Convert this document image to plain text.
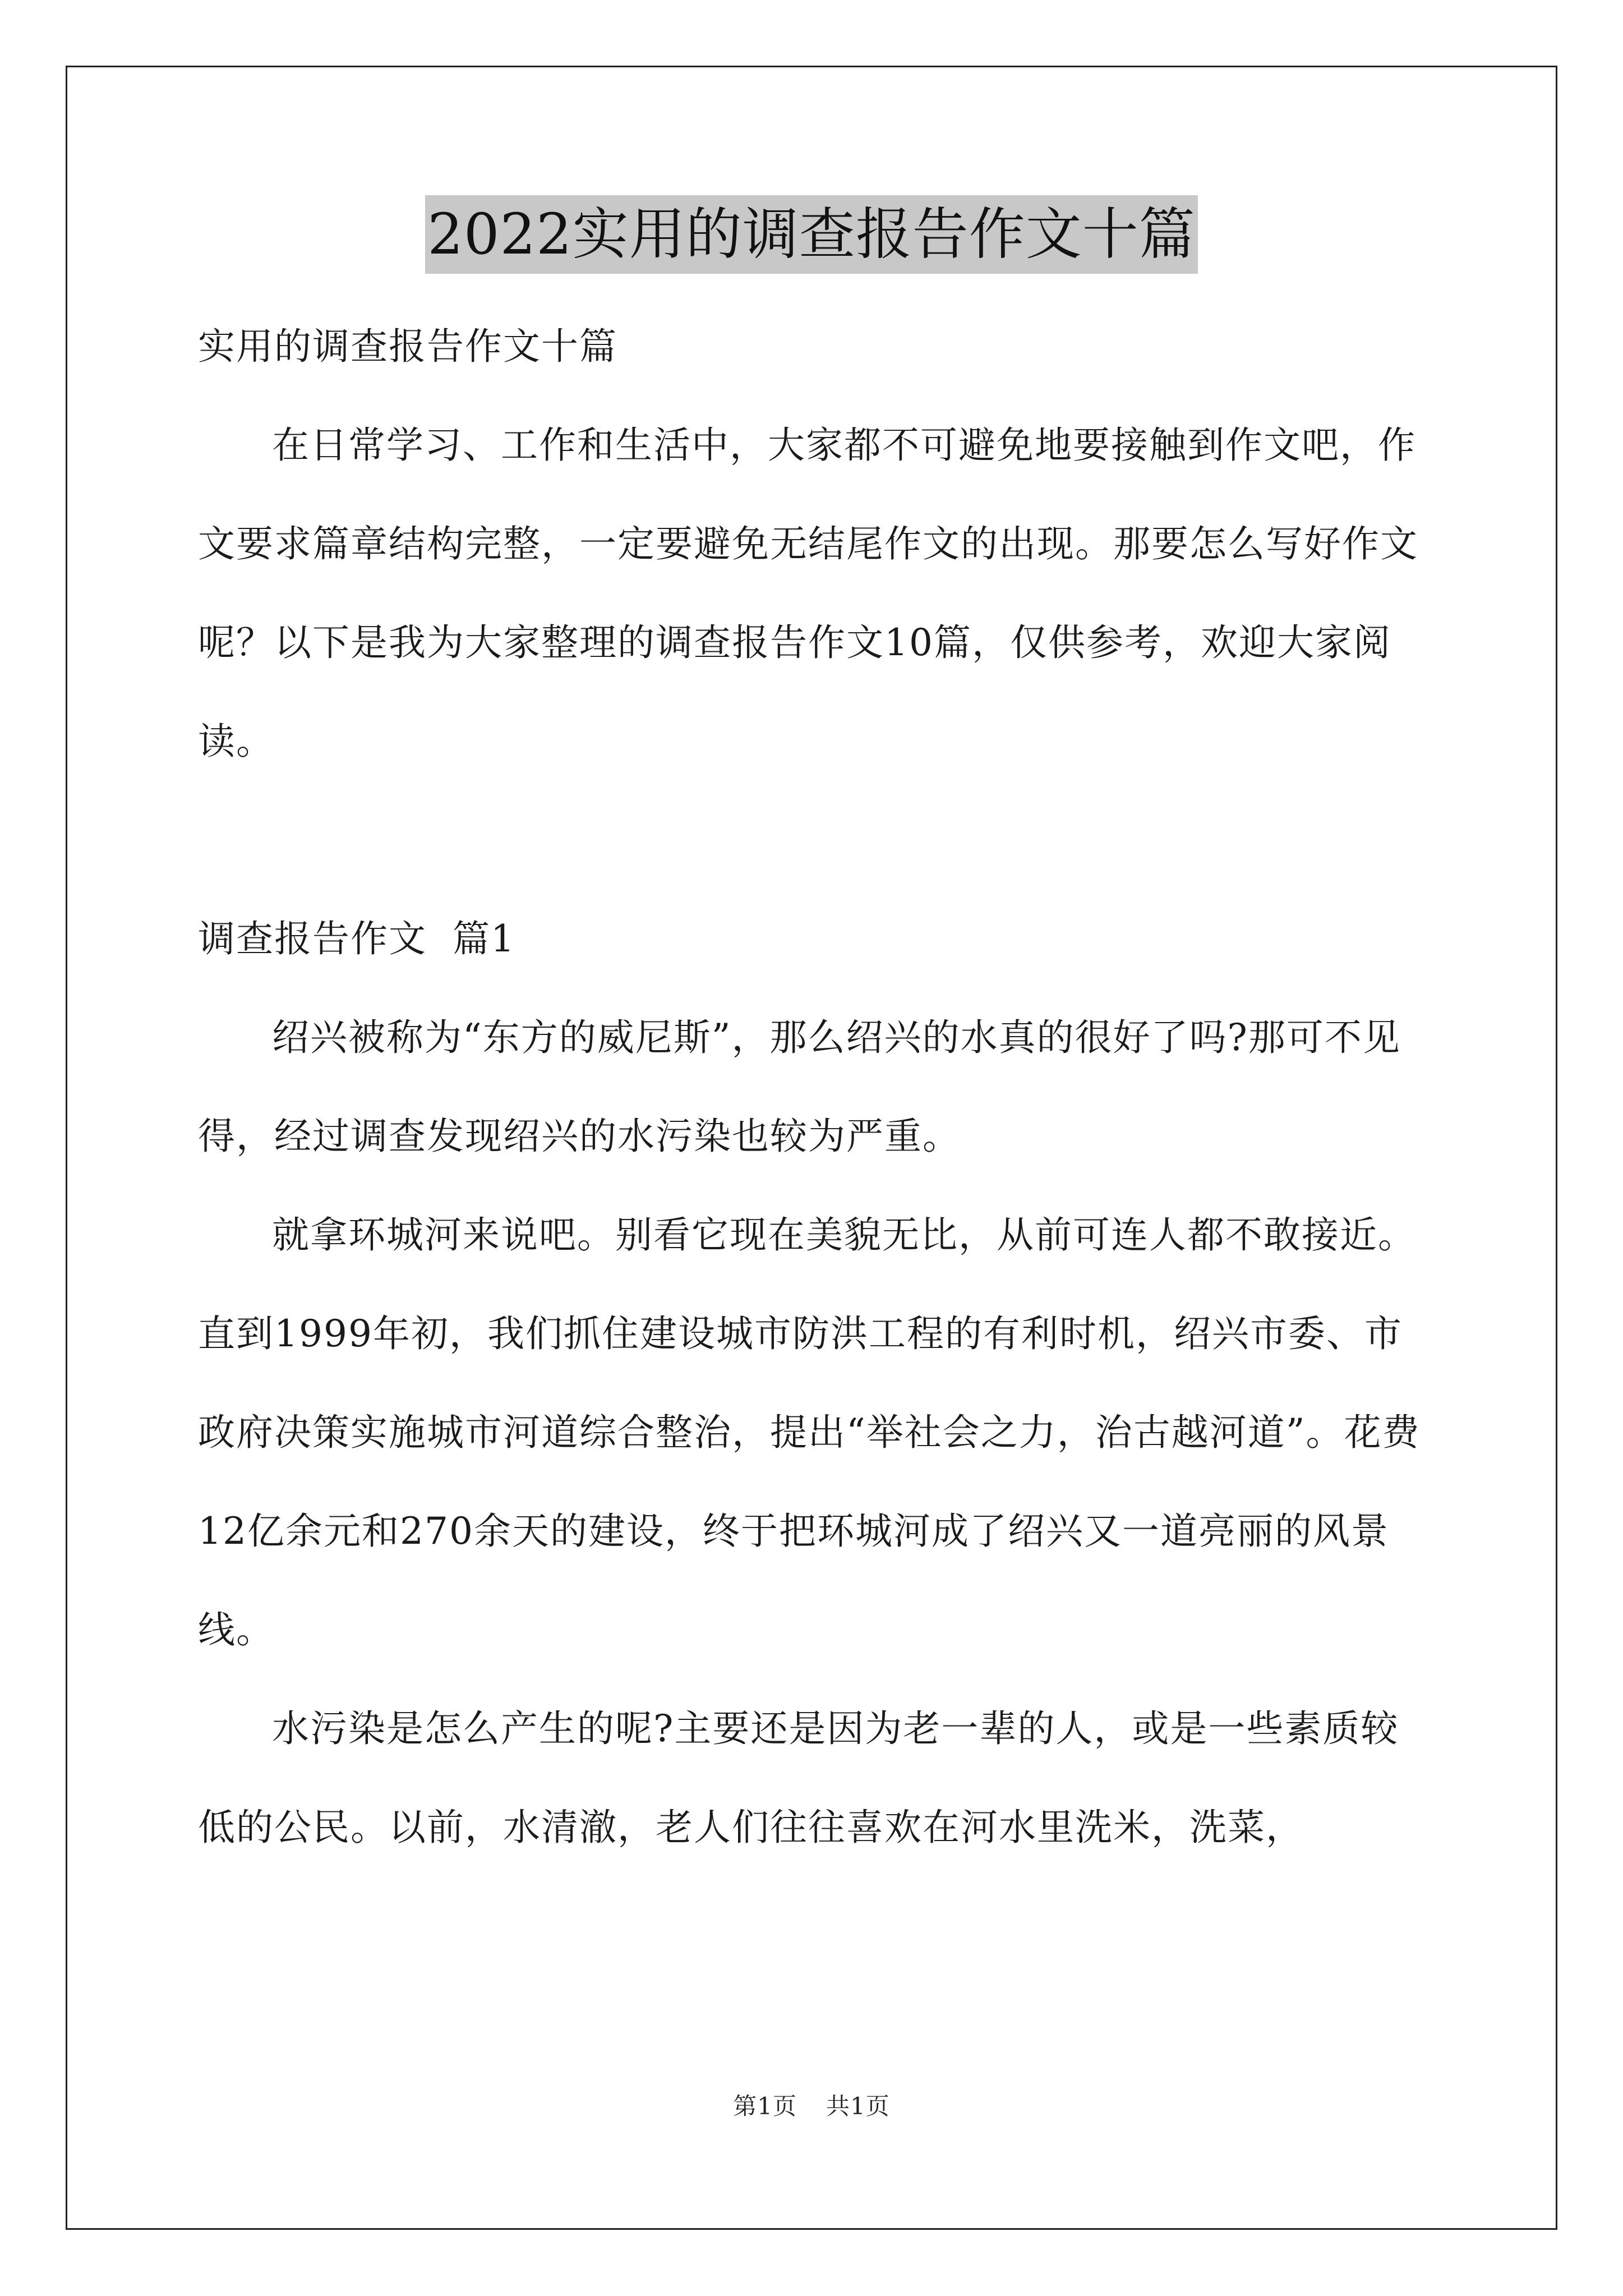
2022实用的调查报告作文十篇

实用的调查报告作文十篇

在日常学习、工作和生活中，大家都不可避免地要接触到作文吧，作文要求篇章结构完整，一定要避免无结尾作文的出现。那要怎么写好作文呢？以下是我为大家整理的调查报告作文10篇，仅供参考，欢迎大家阅读。

调查报告作文  篇1

绍兴被称为“东方的威尼斯”，那么绍兴的水真的很好了吗?那可不见得，经过调查发现绍兴的水污染也较为严重。

就拿环城河来说吧。别看它现在美貌无比，从前可连人都不敢接近。直到1999年初，我们抓住建设城市防洪工程的有利时机，绍兴市委、市政府决策实施城市河道综合整治，提出“举社会之力，治古越河道”。花费12亿余元和270余天的建设，终于把环城河成了绍兴又一道亮丽的风景线。

水污染是怎么产生的呢?主要还是因为老一辈的人，或是一些素质较低的公民。以前，水清澈，老人们往往喜欢在河水里洗米，洗菜，

第1页 共1页
